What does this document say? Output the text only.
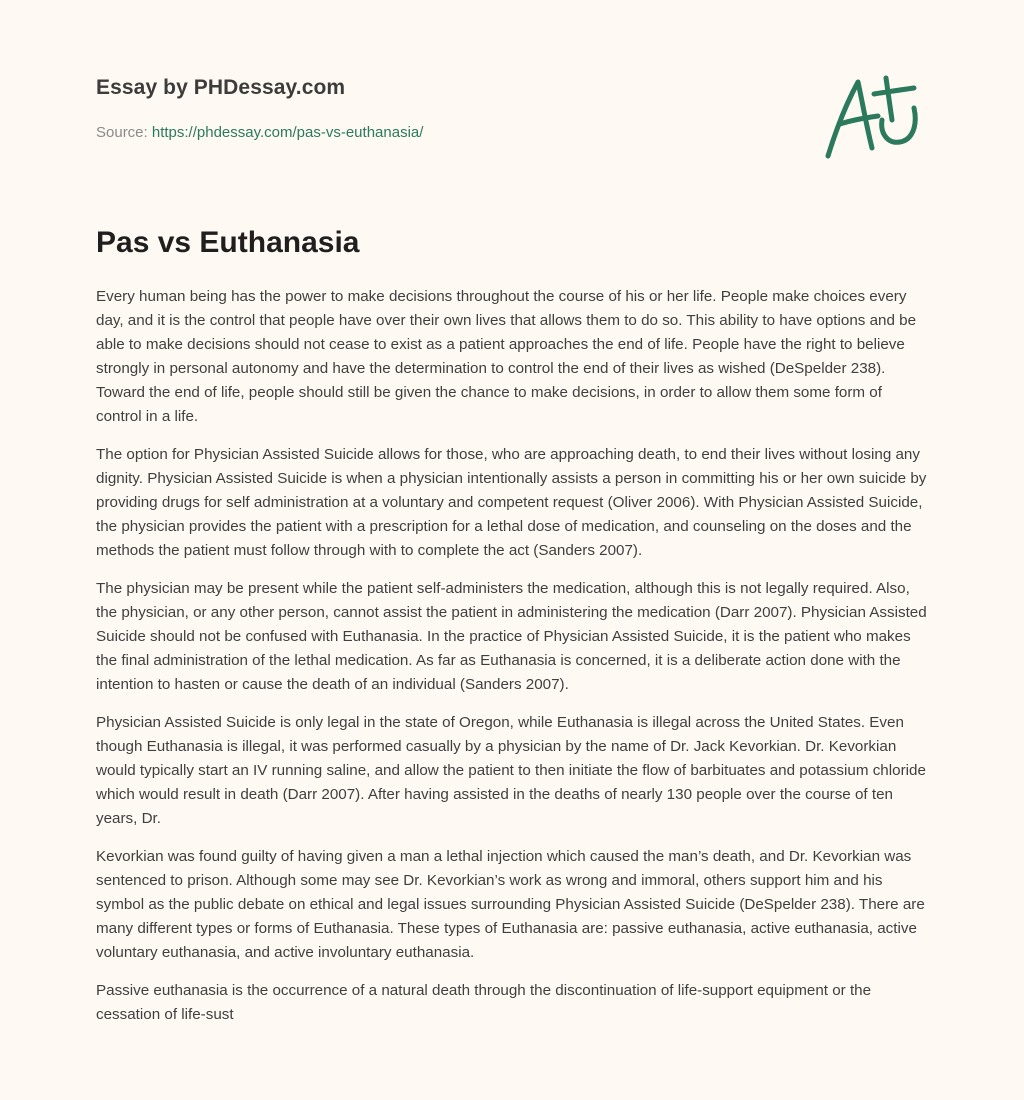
Essay by PHDessay.com
Source: https://phdessay.com/pas-vs-euthanasia/
Pas vs Euthanasia

Every human being has the power to make decisions throughout the course of his or her life. People make choices every day, and it is the control that people have over their own lives that allows them to do so. This ability to have options and be able to make decisions should not cease to exist as a patient approaches the end of life. People have the right to believe strongly in personal autonomy and have the determination to control the end of their lives as wished (DeSpelder 238). Toward the end of life, people should still be given the chance to make decisions, in order to allow them some form of control in a life.

The option for Physician Assisted Suicide allows for those, who are approaching death, to end their lives without losing any dignity. Physician Assisted Suicide is when a physician intentionally assists a person in committing his or her own suicide by providing drugs for self administration at a voluntary and competent request (Oliver 2006). With Physician Assisted Suicide, the physician provides the patient with a prescription for a lethal dose of medication, and counseling on the doses and the methods the patient must follow through with to complete the act (Sanders 2007).

The physician may be present while the patient self-administers the medication, although this is not legally required. Also, the physician, or any other person, cannot assist the patient in administering the medication (Darr 2007). Physician Assisted Suicide should not be confused with Euthanasia. In the practice of Physician Assisted Suicide, it is the patient who makes the final administration of the lethal medication. As far as Euthanasia is concerned, it is a deliberate action done with the intention to hasten or cause the death of an individual (Sanders 2007).

Physician Assisted Suicide is only legal in the state of Oregon, while Euthanasia is illegal across the United States. Even though Euthanasia is illegal, it was performed casually by a physician by the name of Dr. Jack Kevorkian. Dr. Kevorkian would typically start an IV running saline, and allow the patient to then initiate the flow of barbituates and potassium chloride which would result in death (Darr 2007). After having assisted in the deaths of nearly 130 people over the course of ten years, Dr.

Kevorkian was found guilty of having given a man a lethal injection which caused the man’s death, and Dr. Kevorkian was sentenced to prison. Although some may see Dr. Kevorkian’s work as wrong and immoral, others support him and his symbol as the public debate on ethical and legal issues surrounding Physician Assisted Suicide (DeSpelder 238). There are many different types or forms of Euthanasia. These types of Euthanasia are: passive euthanasia, active euthanasia, active voluntary euthanasia, and active involuntary euthanasia.

Passive euthanasia is the occurrence of a natural death through the discontinuation of life-support equipment or the cessation of life-sust
